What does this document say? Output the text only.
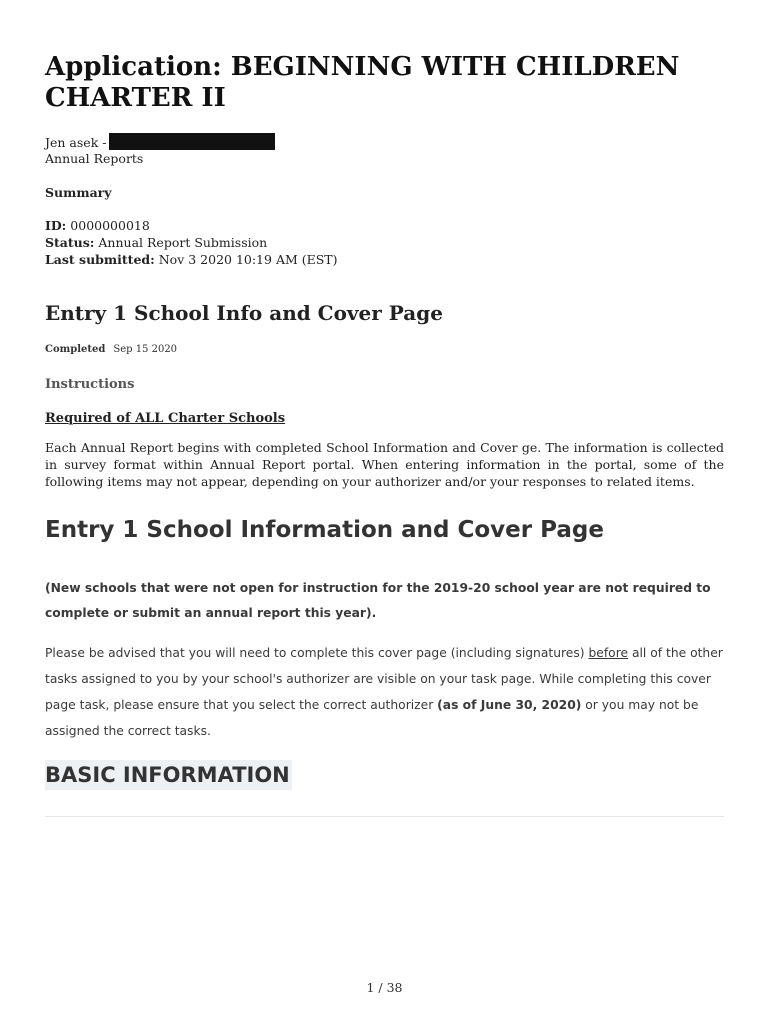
Application: BEGINNING WITH CHILDREN CHARTER II
Jen asek -
Annual Reports
Summary
ID: 0000000018
Status: Annual Report Submission
Last submitted: Nov 3 2020 10:19 AM (EST)
Entry 1 School Info and Cover Page
Completed Sep 15 2020
Instructions
Required of ALL Charter Schools

Each Annual Report begins with completed School Information and Cover ge. The information is collected in survey format within Annual Report portal. When entering information in the portal, some of the following items may not appear, depending on your authorizer and/or your responses to related items.

Entry 1 School Information and Cover Page

(New schools that were not open for instruction for the 2019-20 school year are not required to complete or submit an annual report this year).

Please be advised that you will need to complete this cover page (including signatures) before all of the other tasks assigned to you by your school's authorizer are visible on your task page. While completing this cover page task, please ensure that you select the correct authorizer (as of June 30, 2020) or you may not be assigned the correct tasks.

BASIC INFORMATION
1 / 38
